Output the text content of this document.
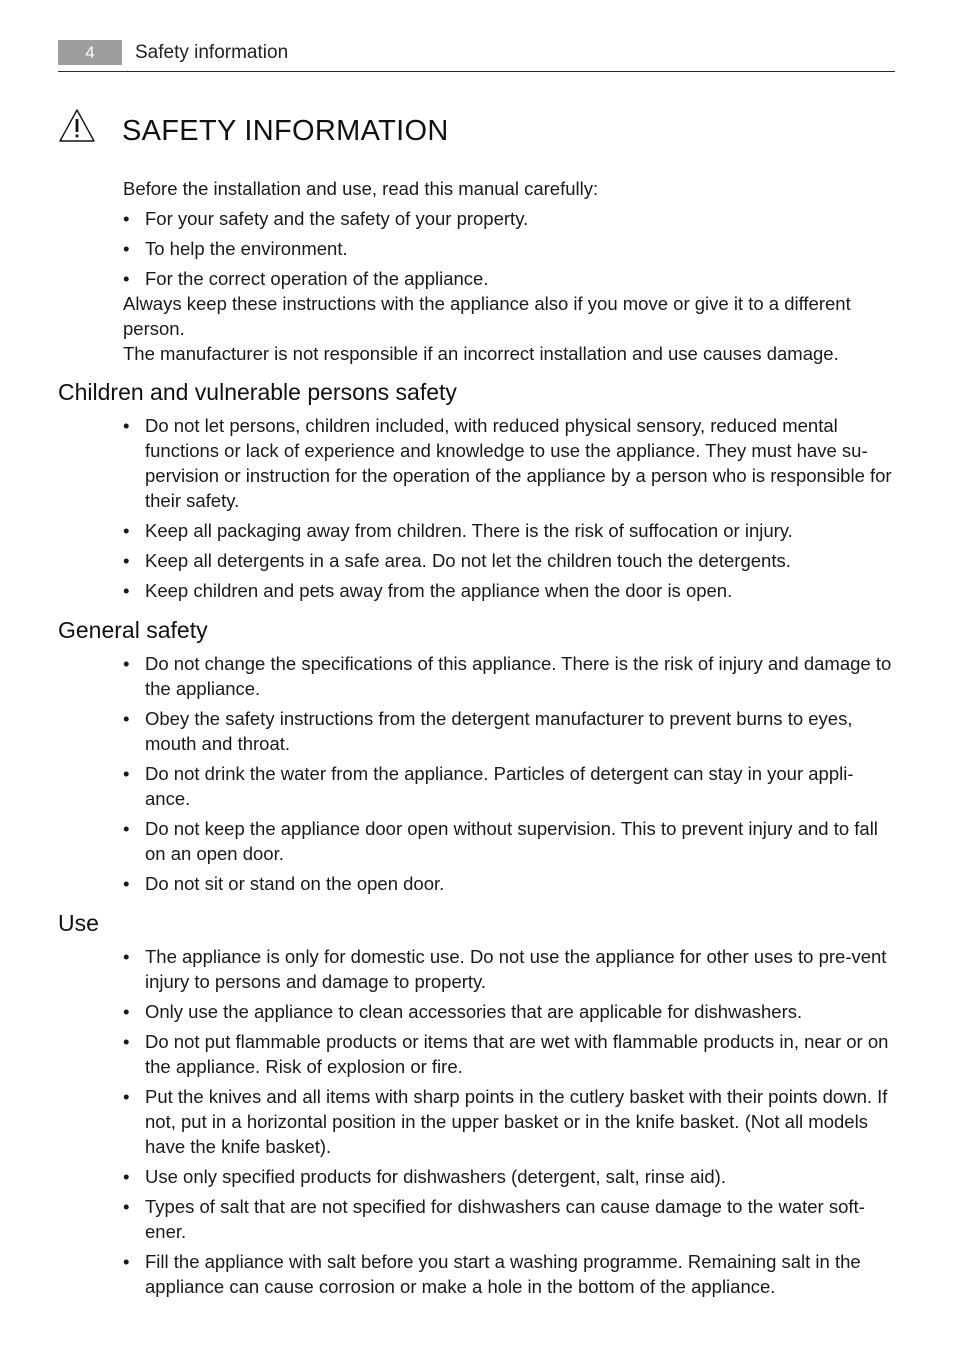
4	Safety information
SAFETY INFORMATION

Before the installation and use, read this manual carefully:

• For your safety and the safety of your property.
• To help the environment.
• For the correct operation of the appliance.

Always keep these instructions with the appliance also if you move or give it to a different person.

The manufacturer is not responsible if an incorrect installation and use causes damage.

Children and vulnerable persons safety
• Do not let persons, children included, with reduced physical sensory, reduced mental functions or lack of experience and knowledge to use the appliance. They must have su-pervision or instruction for the operation of the appliance by a person who is responsible for their safety.
• Keep all packaging away from children. There is the risk of suffocation or injury.
• Keep all detergents in a safe area. Do not let the children touch the detergents.
• Keep children and pets away from the appliance when the door is open.
General safety
• Do not change the specifications of this appliance. There is the risk of injury and damage to the appliance.
• Obey the safety instructions from the detergent manufacturer to prevent burns to eyes, mouth and throat.
• Do not drink the water from the appliance. Particles of detergent can stay in your appli-ance.
• Do not keep the appliance door open without supervision. This to prevent injury and to fall on an open door.
• Do not sit or stand on the open door.
Use
• The appliance is only for domestic use. Do not use the appliance for other uses to pre-vent injury to persons and damage to property.
• Only use the appliance to clean accessories that are applicable for dishwashers.
• Do not put flammable products or items that are wet with flammable products in, near or on the appliance. Risk of explosion or fire.
• Put the knives and all items with sharp points in the cutlery basket with their points down. If not, put in a horizontal position in the upper basket or in the knife basket. (Not all models have the knife basket).
• Use only specified products for dishwashers (detergent, salt, rinse aid).
• Types of salt that are not specified for dishwashers can cause damage to the water soft-ener.
• Fill the appliance with salt before you start a washing programme. Remaining salt in the appliance can cause corrosion or make a hole in the bottom of the appliance.
